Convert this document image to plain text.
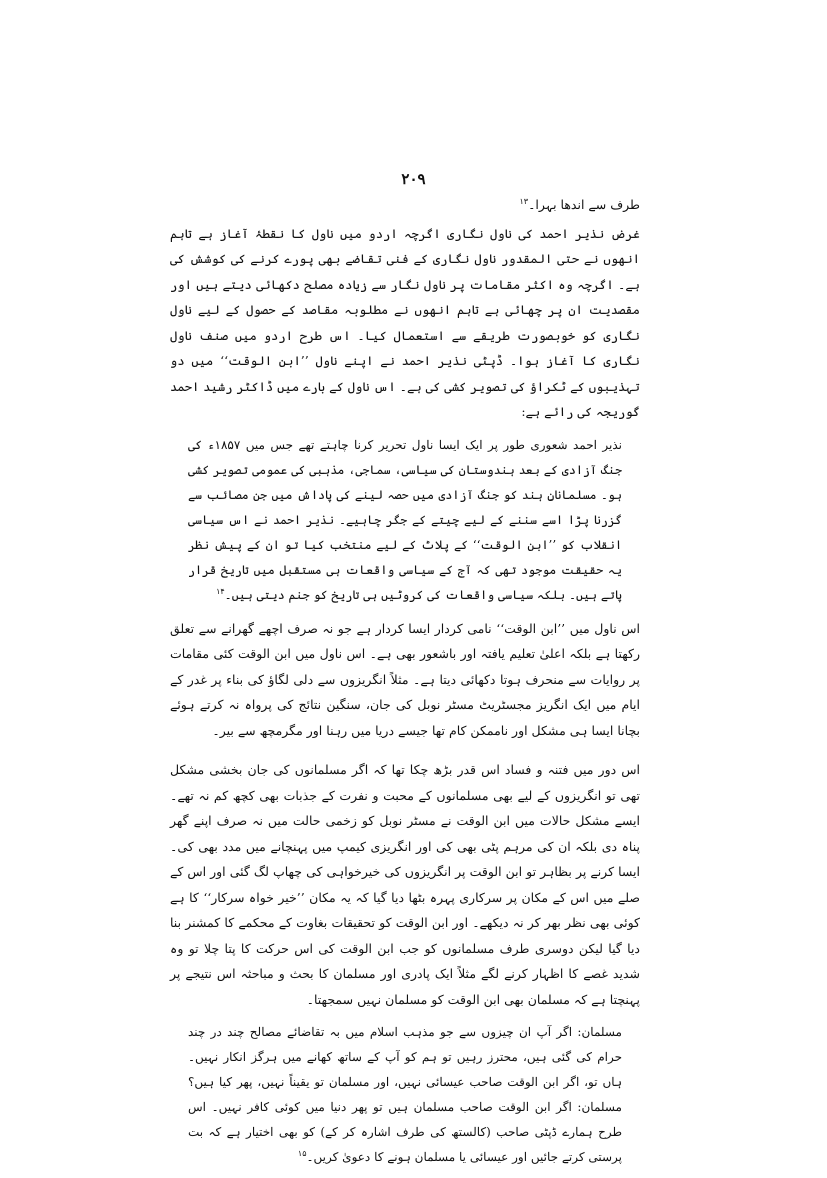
۲۰۹

طرف سے اندھا بہرا۔$^{۱۳}$

غرض نذیر احمد کی ناول نگاری اگرچہ اردو میں ناول کا نقطۂ آغاز ہے تاہم انھوں نے حتی المقدور ناول نگاری کے فنی تقاضے بھی پورے کرنے کی کوشش کی ہے۔ اگرچہ وہ اکثر مقامات پر ناول نگار سے زیادہ مصلح دکھائی دیتے ہیں اور مقصدیت ان پر چھائی ہے تاہم انھوں نے مطلوبہ مقاصد کے حصول کے لیے ناول نگاری کو خوبصورت طریقے سے استعمال کیا۔ اس طرح اردو میں صنف ناول نگاری کا آغاز ہوا۔ ڈپٹی نذیر احمد نے اپنے ناول ’’ابن الوقت‘‘ میں دو تہذیبوں کے ٹکراؤ کی تصویر کشی کی ہے۔ اس ناول کے بارے میں ڈاکٹر رشید احمد گوریجہ کی رائے ہے:

نذیر احمد شعوری طور پر ایک ایسا ناول تحریر کرنا چاہتے تھے جس میں ۱۸۵۷ء کی جنگ آزادی کے بعد ہندوستان کی سیاسی، سماجی، مذہبی کی عمومی تصویر کشی ہو۔ مسلمانانِ ہند کو جنگ آزادی میں حصہ لینے کی پاداش میں جن مصائب سے گزرنا پڑا اسے سننے کے لیے چیتے کے جگر چاہیے۔ نذیر احمد نے اس سیاسی انقلاب کو ’’ابن الوقت‘‘ کے پلاٹ کے لیے منتخب کیا تو ان کے پیش نظر یہ حقیقت موجود تھی کہ آج کے سیاسی واقعات ہی مستقبل میں تاریخ قرار پاتے ہیں۔ بلکہ سیاسی واقعات کی کروٹیں ہی تاریخ کو جنم دیتی ہیں۔$^{۱۴}$

اس ناول میں ’’ابن الوقت‘‘ نامی کردار ایسا کردار ہے جو نہ صرف اچھے گھرانے سے تعلق رکھتا ہے بلکہ اعلیٰ تعلیم یافتہ اور باشعور بھی ہے۔ اس ناول میں ابن الوقت کئی مقامات پر روایات سے منحرف ہوتا دکھائی دیتا ہے۔ مثلاً انگریزوں سے دلی لگاؤ کی بناء پر غدر کے ایام میں ایک انگریز مجسٹریٹ مسٹر نوبل کی جان، سنگین نتائج کی پرواہ نہ کرتے ہوئے بچانا ایسا ہی مشکل اور ناممکن کام تھا جیسے دریا میں رہنا اور مگرمچھ سے بیر۔

اس دور میں فتنہ و فساد اس قدر بڑھ چکا تھا کہ اگر مسلمانوں کی جان بخشی مشکل تھی تو انگریزوں کے لیے بھی مسلمانوں کے محبت و نفرت کے جذبات بھی کچھ کم نہ تھے۔ ایسے مشکل حالات میں ابن الوقت نے مسٹر نوبل کو زخمی حالت میں نہ صرف اپنے گھر پناہ دی بلکہ ان کی مرہم پٹی بھی کی اور انگریزی کیمپ میں پہنچانے میں مدد بھی کی۔ ایسا کرنے پر بظاہر تو ابن الوقت پر انگریزوں کی خیرخواہی کی چھاپ لگ گئی اور اس کے صلے میں اس کے مکان پر سرکاری پہرہ بٹھا دیا گیا کہ یہ مکان ’’خیر خواہ سرکار‘‘ کا ہے کوئی بھی نظر بھر کر نہ دیکھے۔ اور ابن الوقت کو تحقیقات بغاوت کے محکمے کا کمشنر بنا دیا گیا لیکن دوسری طرف مسلمانوں کو جب ابن الوقت کی اس حرکت کا پتا چلا تو وہ شدید غصے کا اظہار کرنے لگے مثلاً ایک پادری اور مسلمان کا بحث و مباحثہ اس نتیجے پر پہنچتا ہے کہ مسلمان بھی ابن الوقت کو مسلمان نہیں سمجھتا۔

مسلمان: اگر آپ ان چیزوں سے جو مذہب اسلام میں بہ تقاضائے مصالح چند در چند حرام کی گئی ہیں، محترز رہیں تو ہم کو آپ کے ساتھ کھانے میں ہرگز انکار نہیں۔ ہاں تو، اگر ابن الوقت صاحب عیسائی نہیں، اور مسلمان تو یقیناً نہیں، پھر کیا ہیں؟ مسلمان: اگر ابن الوقت صاحب مسلمان ہیں تو پھر دنیا میں کوئی کافر نہیں۔ اس طرح ہمارے ڈپٹی صاحب (کالستھ کی طرف اشارہ کر کے) کو بھی اختیار ہے کہ بت پرستی کرتے جائیں اور عیسائی یا مسلمان ہونے کا دعویٰ کریں۔$^{۱۵}$
